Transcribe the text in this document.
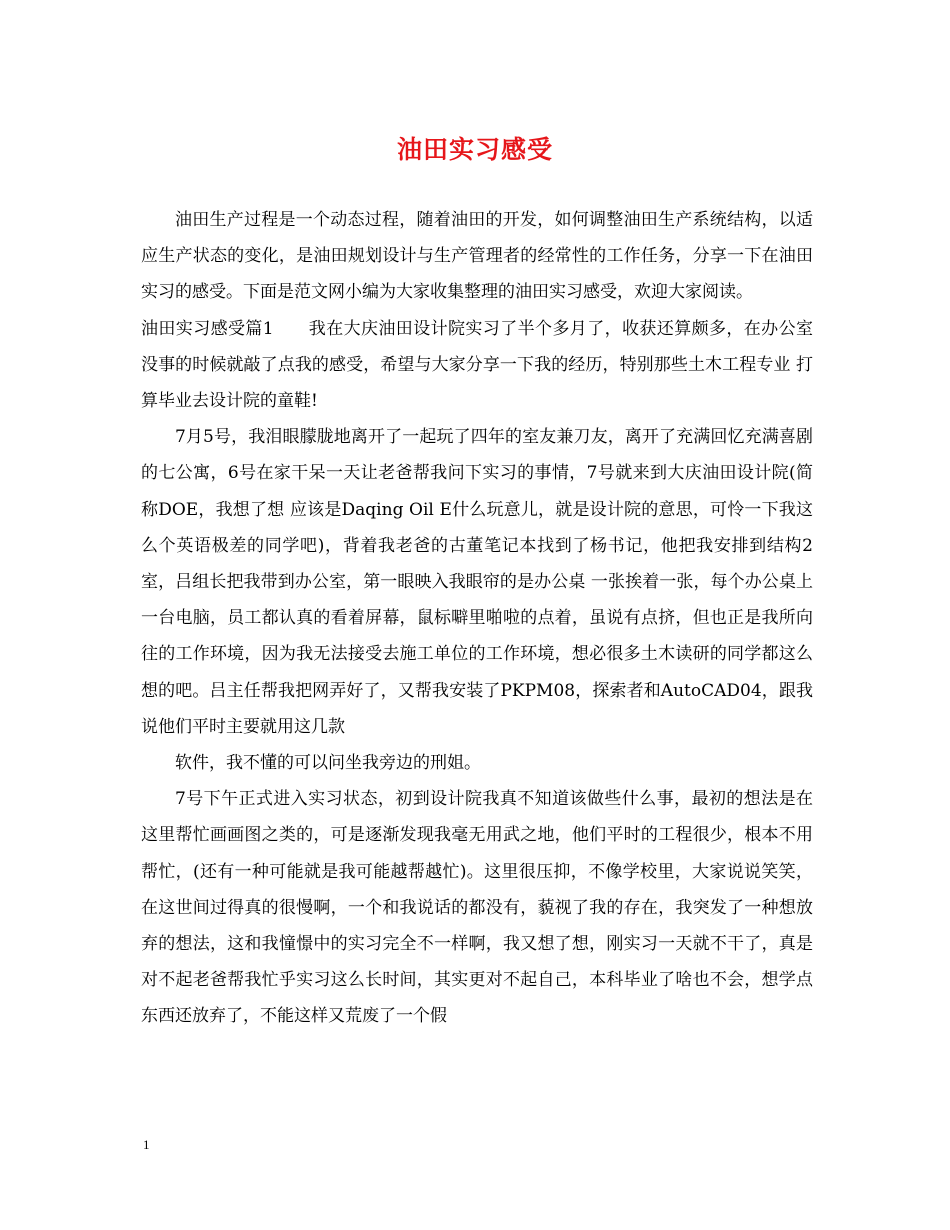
油田实习感受

油田生产过程是一个动态过程，随着油田的开发，如何调整油田生产系统结构，以适应生产状态的变化，是油田规划设计与生产管理者的经常性的工作任务，分享一下在油田实习的感受。下面是范文网小编为大家收集整理的油田实习感受，欢迎大家阅读。

油田实习感受篇1　　我在大庆油田设计院实习了半个多月了，收获还算颇多，在办公室没事的时候就敲了点我的感受，希望与大家分享一下我的经历，特别那些土木工程专业 打算毕业去设计院的童鞋!

7月5号，我泪眼朦胧地离开了一起玩了四年的室友兼刀友，离开了充满回忆充满喜剧的七公寓，6号在家干呆一天让老爸帮我问下实习的事情，7号就来到大庆油田设计院(简称DOE，我想了想 应该是Daqing Oil E什么玩意儿，就是设计院的意思，可怜一下我这么个英语极差的同学吧)，背着我老爸的古董笔记本找到了杨书记，他把我安排到结构2室，吕组长把我带到办公室，第一眼映入我眼帘的是办公桌 一张挨着一张，每个办公桌上一台电脑，员工都认真的看着屏幕，鼠标噼里啪啦的点着，虽说有点挤，但也正是我所向往的工作环境，因为我无法接受去施工单位的工作环境，想必很多土木读研的同学都这么想的吧。吕主任帮我把网弄好了，又帮我安装了PKPM08，探索者和AutoCAD04，跟我说他们平时主要就用这几款

软件，我不懂的可以问坐我旁边的刑姐。

7号下午正式进入实习状态，初到设计院我真不知道该做些什么事，最初的想法是在这里帮忙画画图之类的，可是逐渐发现我毫无用武之地，他们平时的工程很少，根本不用帮忙，(还有一种可能就是我可能越帮越忙)。这里很压抑，不像学校里，大家说说笑笑，在这世间过得真的很慢啊，一个和我说话的都没有，藐视了我的存在，我突发了一种想放弃的想法，这和我憧憬中的实习完全不一样啊，我又想了想，刚实习一天就不干了，真是对不起老爸帮我忙乎实习这么长时间，其实更对不起自己，本科毕业了啥也不会，想学点东西还放弃了，不能这样又荒废了一个假

1
